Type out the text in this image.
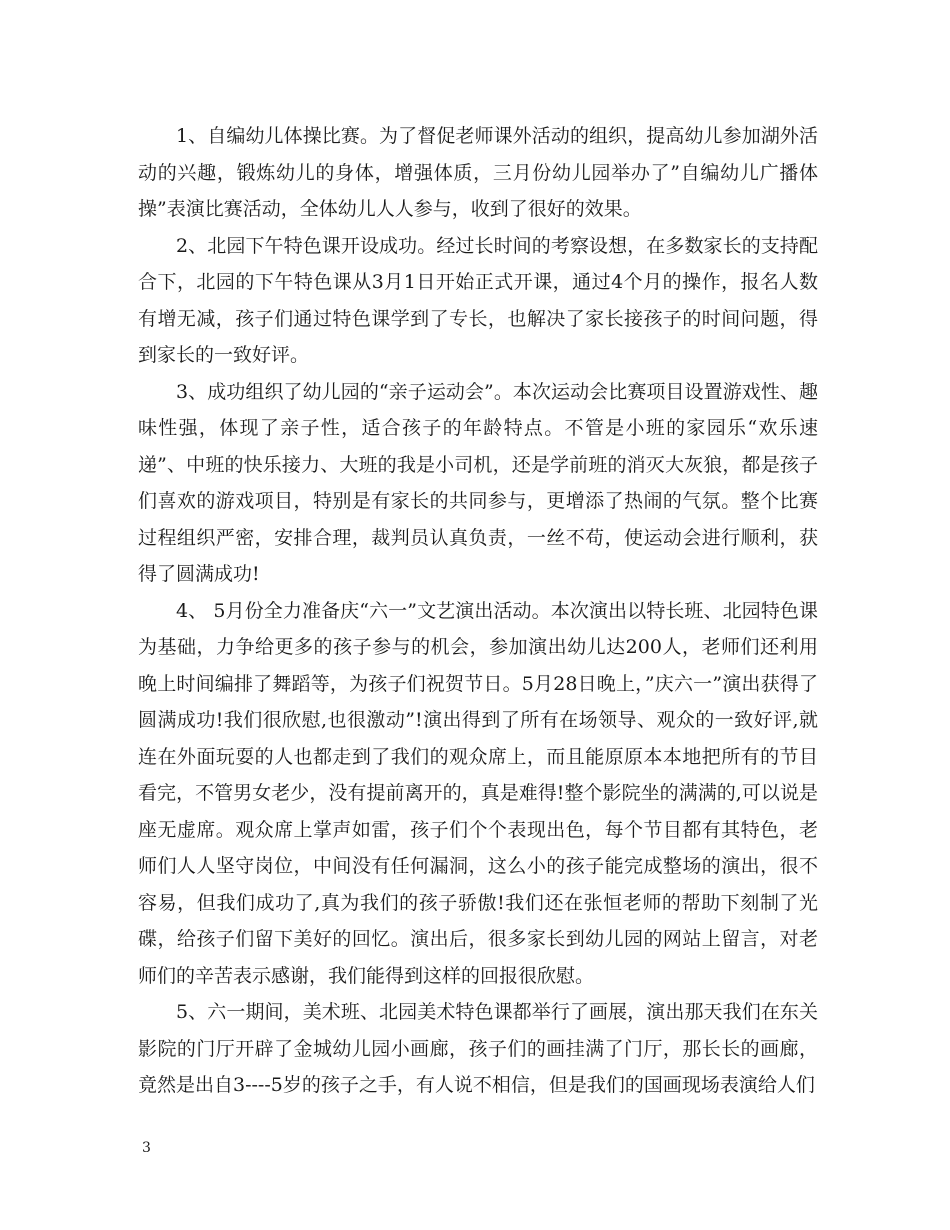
1、自编幼儿体操比赛。为了督促老师课外活动的组织，提高幼儿参加湖外活动的兴趣，锻炼幼儿的身体，增强体质，三月份幼儿园举办了”自编幼儿广播体操”表演比赛活动，全体幼儿人人参与，收到了很好的效果。

2、北园下午特色课开设成功。经过长时间的考察设想，在多数家长的支持配合下，北园的下午特色课从3月1日开始正式开课，通过4个月的操作，报名人数有增无减，孩子们通过特色课学到了专长，也解决了家长接孩子的时间问题，得到家长的一致好评。

3、成功组织了幼儿园的“亲子运动会”。本次运动会比赛项目设置游戏性、趣味性强，体现了亲子性，适合孩子的年龄特点。不管是小班的家园乐“欢乐速递”、中班的快乐接力、大班的我是小司机，还是学前班的消灭大灰狼，都是孩子们喜欢的游戏项目，特别是有家长的共同参与，更增添了热闹的气氛。整个比赛过程组织严密，安排合理，裁判员认真负责，一丝不苟，使运动会进行顺利，获得了圆满成功!

4、 5月份全力准备庆“六一”文艺演出活动。本次演出以特长班、北园特色课为基础，力争给更多的孩子参与的机会，参加演出幼儿达200人，老师们还利用晚上时间编排了舞蹈等，为孩子们祝贺节日。5月28日晚上，”庆六一”演出获得了圆满成功!我们很欣慰,也很激动”!演出得到了所有在场领导、观众的一致好评,就连在外面玩耍的人也都走到了我们的观众席上，而且能原原本本地把所有的节目看完，不管男女老少，没有提前离开的，真是难得!整个影院坐的满满的,可以说是座无虚席。观众席上掌声如雷，孩子们个个表现出色，每个节目都有其特色，老师们人人坚守岗位，中间没有任何漏洞，这么小的孩子能完成整场的演出，很不容易，但我们成功了,真为我们的孩子骄傲!我们还在张恒老师的帮助下刻制了光碟，给孩子们留下美好的回忆。演出后，很多家长到幼儿园的网站上留言，对老师们的辛苦表示感谢，我们能得到这样的回报很欣慰。

5、六一期间，美术班、北园美术特色课都举行了画展，演出那天我们在东关影院的门厅开辟了金城幼儿园小画廊，孩子们的画挂满了门厅，那长长的画廊，竟然是出自3----5岁的孩子之手，有人说不相信，但是我们的国画现场表演给人们

3
